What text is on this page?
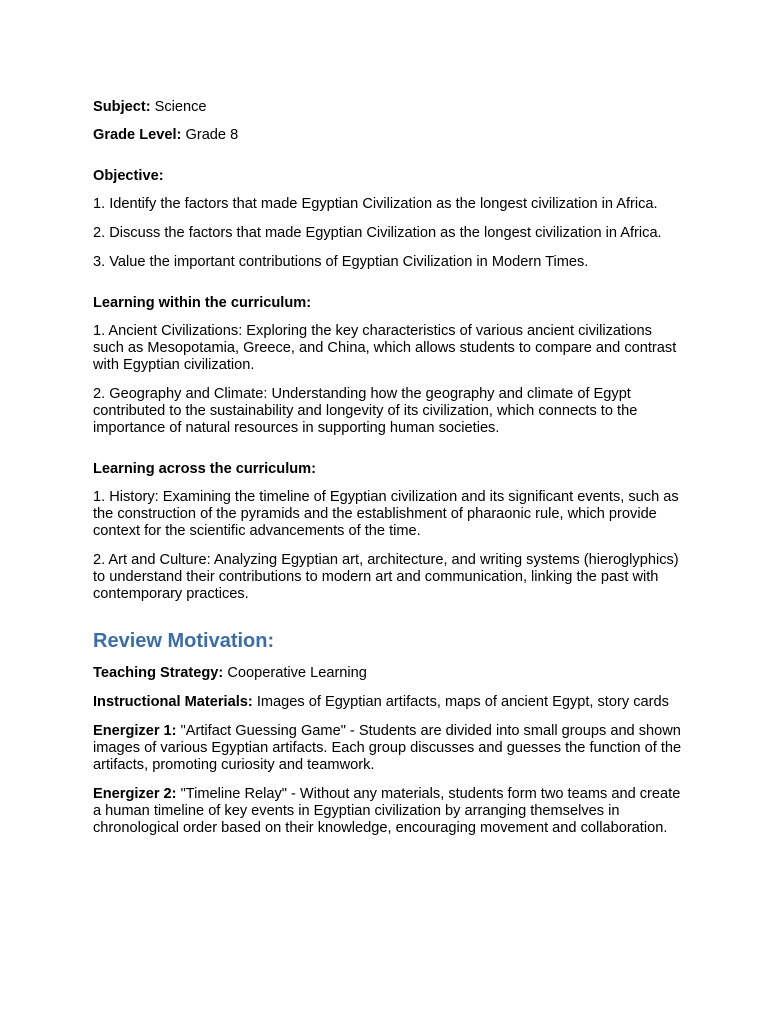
Subject: Science

Grade Level: Grade 8

Objective:

1. Identify the factors that made Egyptian Civilization as the longest civilization in Africa.

2. Discuss the factors that made Egyptian Civilization as the longest civilization in Africa.

3. Value the important contributions of Egyptian Civilization in Modern Times.

Learning within the curriculum:

1. Ancient Civilizations: Exploring the key characteristics of various ancient civilizations such as Mesopotamia, Greece, and China, which allows students to compare and contrast with Egyptian civilization.

2. Geography and Climate: Understanding how the geography and climate of Egypt contributed to the sustainability and longevity of its civilization, which connects to the importance of natural resources in supporting human societies.

Learning across the curriculum:

1. History: Examining the timeline of Egyptian civilization and its significant events, such as the construction of the pyramids and the establishment of pharaonic rule, which provide context for the scientific advancements of the time.

2. Art and Culture: Analyzing Egyptian art, architecture, and writing systems (hieroglyphics) to understand their contributions to modern art and communication, linking the past with contemporary practices.

Review Motivation:

Teaching Strategy: Cooperative Learning

Instructional Materials: Images of Egyptian artifacts, maps of ancient Egypt, story cards

Energizer 1: "Artifact Guessing Game" - Students are divided into small groups and shown images of various Egyptian artifacts. Each group discusses and guesses the function of the artifacts, promoting curiosity and teamwork.

Energizer 2: "Timeline Relay" - Without any materials, students form two teams and create a human timeline of key events in Egyptian civilization by arranging themselves in chronological order based on their knowledge, encouraging movement and collaboration.
